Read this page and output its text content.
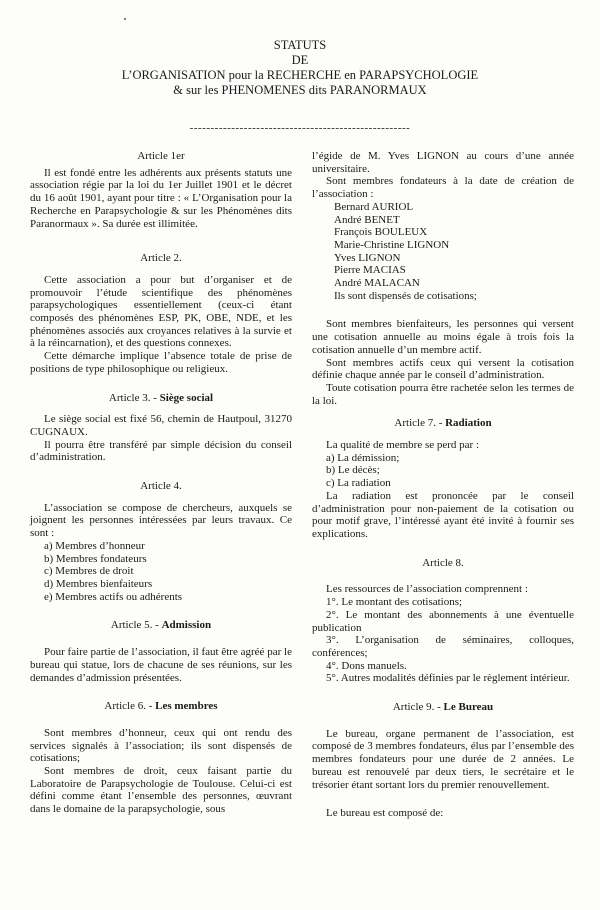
STATUTS
DE
L’ORGANISATION pour la RECHERCHE en PARAPSYCHOLOGIE
& sur les PHENOMENES dits PARANORMAUX
-----------------------------------------------------
Article 1er

Il est fondé entre les adhérents aux présents statuts une association régie par la loi du 1er Juillet 1901 et le décret du 16 août 1901, ayant pour titre : « L’Organisation pour la Recherche en Parapsychologie & sur les Phénomènes dits Paranormaux ». Sa durée est illimitée.

Article 2.

Cette association a pour but d’organiser et de promouvoir l’étude scientifique des phénomènes parapsychologiques essentiellement (ceux-ci étant composés des phénomènes ESP, PK, OBE, NDE, et les phénomènes associés aux croyances relatives à la survie et à la réincarnation), et des questions connexes.

Cette démarche implique l’absence totale de prise de positions de type philosophique ou religieux.

Article 3. - Siège social

Le siège social est fixé 56, chemin de Hautpoul, 31270 CUGNAUX.

Il pourra être transféré par simple décision du conseil d’administration.

Article 4.

L’association se compose de chercheurs, auxquels se joignent les personnes intéressées par leurs travaux. Ce sont :

a) Membres d’honneur
b) Membres fondateurs
c) Membres de droit
d) Membres bienfaiteurs
e) Membres actifs ou adhérents
Article 5. - Admission

Pour faire partie de l’association, il faut être agréé par le bureau qui statue, lors de chacune de ses réunions, sur les demandes d’admission présentées.

Article 6. - Les membres

Sont membres d’honneur, ceux qui ont rendu des services signalés à l’association; ils sont dispensés de cotisations;

Sont membres de droit, ceux faisant partie du Laboratoire de Parapsychologie de Toulouse. Celui-ci est défini comme étant l’ensemble des personnes, œuvrant dans le domaine de la parapsychologie, sous

l’égide de M. Yves LIGNON au cours d’une année universitaire.

Sont membres fondateurs à la date de création de l’association :

Bernard AURIOL
André BENET
François BOULEUX
Marie-Christine LIGNON
Yves LIGNON
Pierre MACIAS
André MALACAN
Ils sont dispensés de cotisations;

Sont membres bienfaiteurs, les personnes qui versent une cotisation annuelle au moins égale à trois fois la cotisation annuelle d’un membre actif.

Sont membres actifs ceux qui versent la cotisation définie chaque année par le conseil d’administration.

Toute cotisation pourra être rachetée selon les termes de la loi.

Article 7. - Radiation

La qualité de membre se perd par :

a) La démission;
b) Le décès;
c) La radiation

La radiation est prononcée par le conseil d’administration pour non-paiement de la cotisation ou pour motif grave, l’intéressé ayant été invité à fournir ses explications.

Article 8.

Les ressources de l’association comprennent :

1°. Le montant des cotisations;

2°. Le montant des abonnements à une éventuelle publication

3°. L’organisation de séminaires, colloques, conférences;

4°. Dons manuels.

5°. Autres modalités définies par le règlement intérieur.

Article 9. - Le Bureau

Le bureau, organe permanent de l’association, est composé de 3 membres fondateurs, élus par l’ensemble des membres fondateurs pour une durée de 2 années. Le bureau est renouvelé par deux tiers, le secrétaire et le trésorier étant sortant lors du premier renouvellement.

Le bureau est composé de:
